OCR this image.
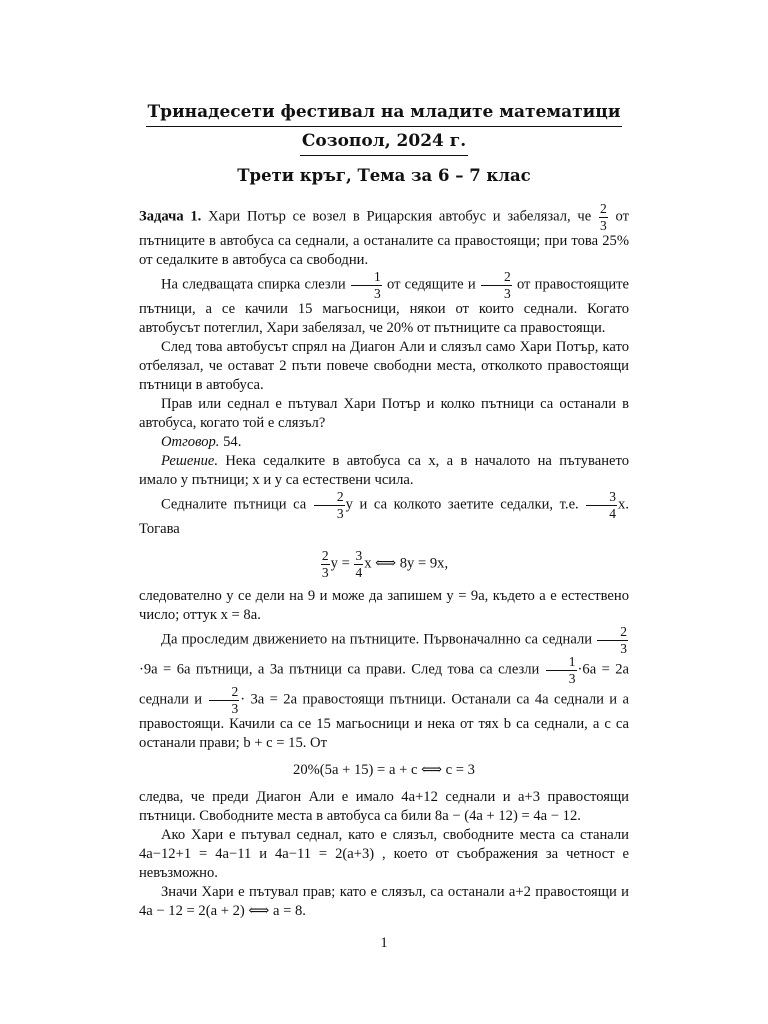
Тринадесети фестивал на младите математици
Созопол, 2024 г.
Трети кръг, Тема за 6 – 7 клас

Задача 1. Хари Потър се возел в Рицарския автобус и забелязал, че $\frac{2}{3}$ от пътниците в автобуса са седнали, а останалите са правостоящи; при това 25% от седалките в автобуса са свободни.

На следващата спирка слезли $\frac{1}{3}$ от седящите и $\frac{2}{3}$ от правостоящите пътници, а се качили 15 магьосници, някои от които седнали. Когато автобусът потеглил, Хари забелязал, че 20% от пътниците са правостоящи.

След това автобусът спрял на Диагон Али и слязъл само Хари Потър, като отбелязал, че остават 2 пъти повече свободни места, отколкото правостоящи пътници в автобуса.

Прав или седнал е пътувал Хари Потър и колко пътници са останали в автобуса, когато той е слязъл?

Отговор. 54.

Решение. Нека седалките в автобуса са x, а в началото на пътуването имало y пътници; x и y са естествени чсила.

Седналите пътници са $\frac{2}{3}$ y и са колкото заетите седалки, т.е. $\frac{3}{4} x$. Тогава

$\frac{2}{3}$ $y = \frac{3}{4}$ x ⟺ 8y = 9x,

следователно y се дели на 9 и може да запишем y = 9a, където a е естествено число; оттук x = 8a.

Да проследим движението на пътниците. Първоначалнно са седнали $\frac{2}{3}$
·9a = 6a пътници, а 3a пътници са прави. След това са слезли $\frac{1}{3} \cdot 6a = 2a$ седнали и $\frac{2}{3} \cdot 3a = 2a$ правостоящи пътници. Останали са 4a седнали и a правостоящи. Качили са се 15 магьосници и нека от тях b са седнали, а c са останали прави; b + c = 15. От

20%(5a + 15) = a + c ⟺ c = 3

следва, че преди Диагон Али е имало 4a+12 седнали и a+3 правостоящи пътници. Свободните места в автобуса са били 8a − (4a + 12) = 4a − 12.

Ако Хари е пътувал седнал, като е слязъл, свободните места са станали 4a−12+1 = 4a−11 и 4a−11 = 2(a+3) , което от съображения за четност е невъзможно.

Значи Хари е пътувал прав; като е слязъл, са останали a+2 правостоящи и 4a − 12 = 2(a + 2) ⟺ a = 8.

1
